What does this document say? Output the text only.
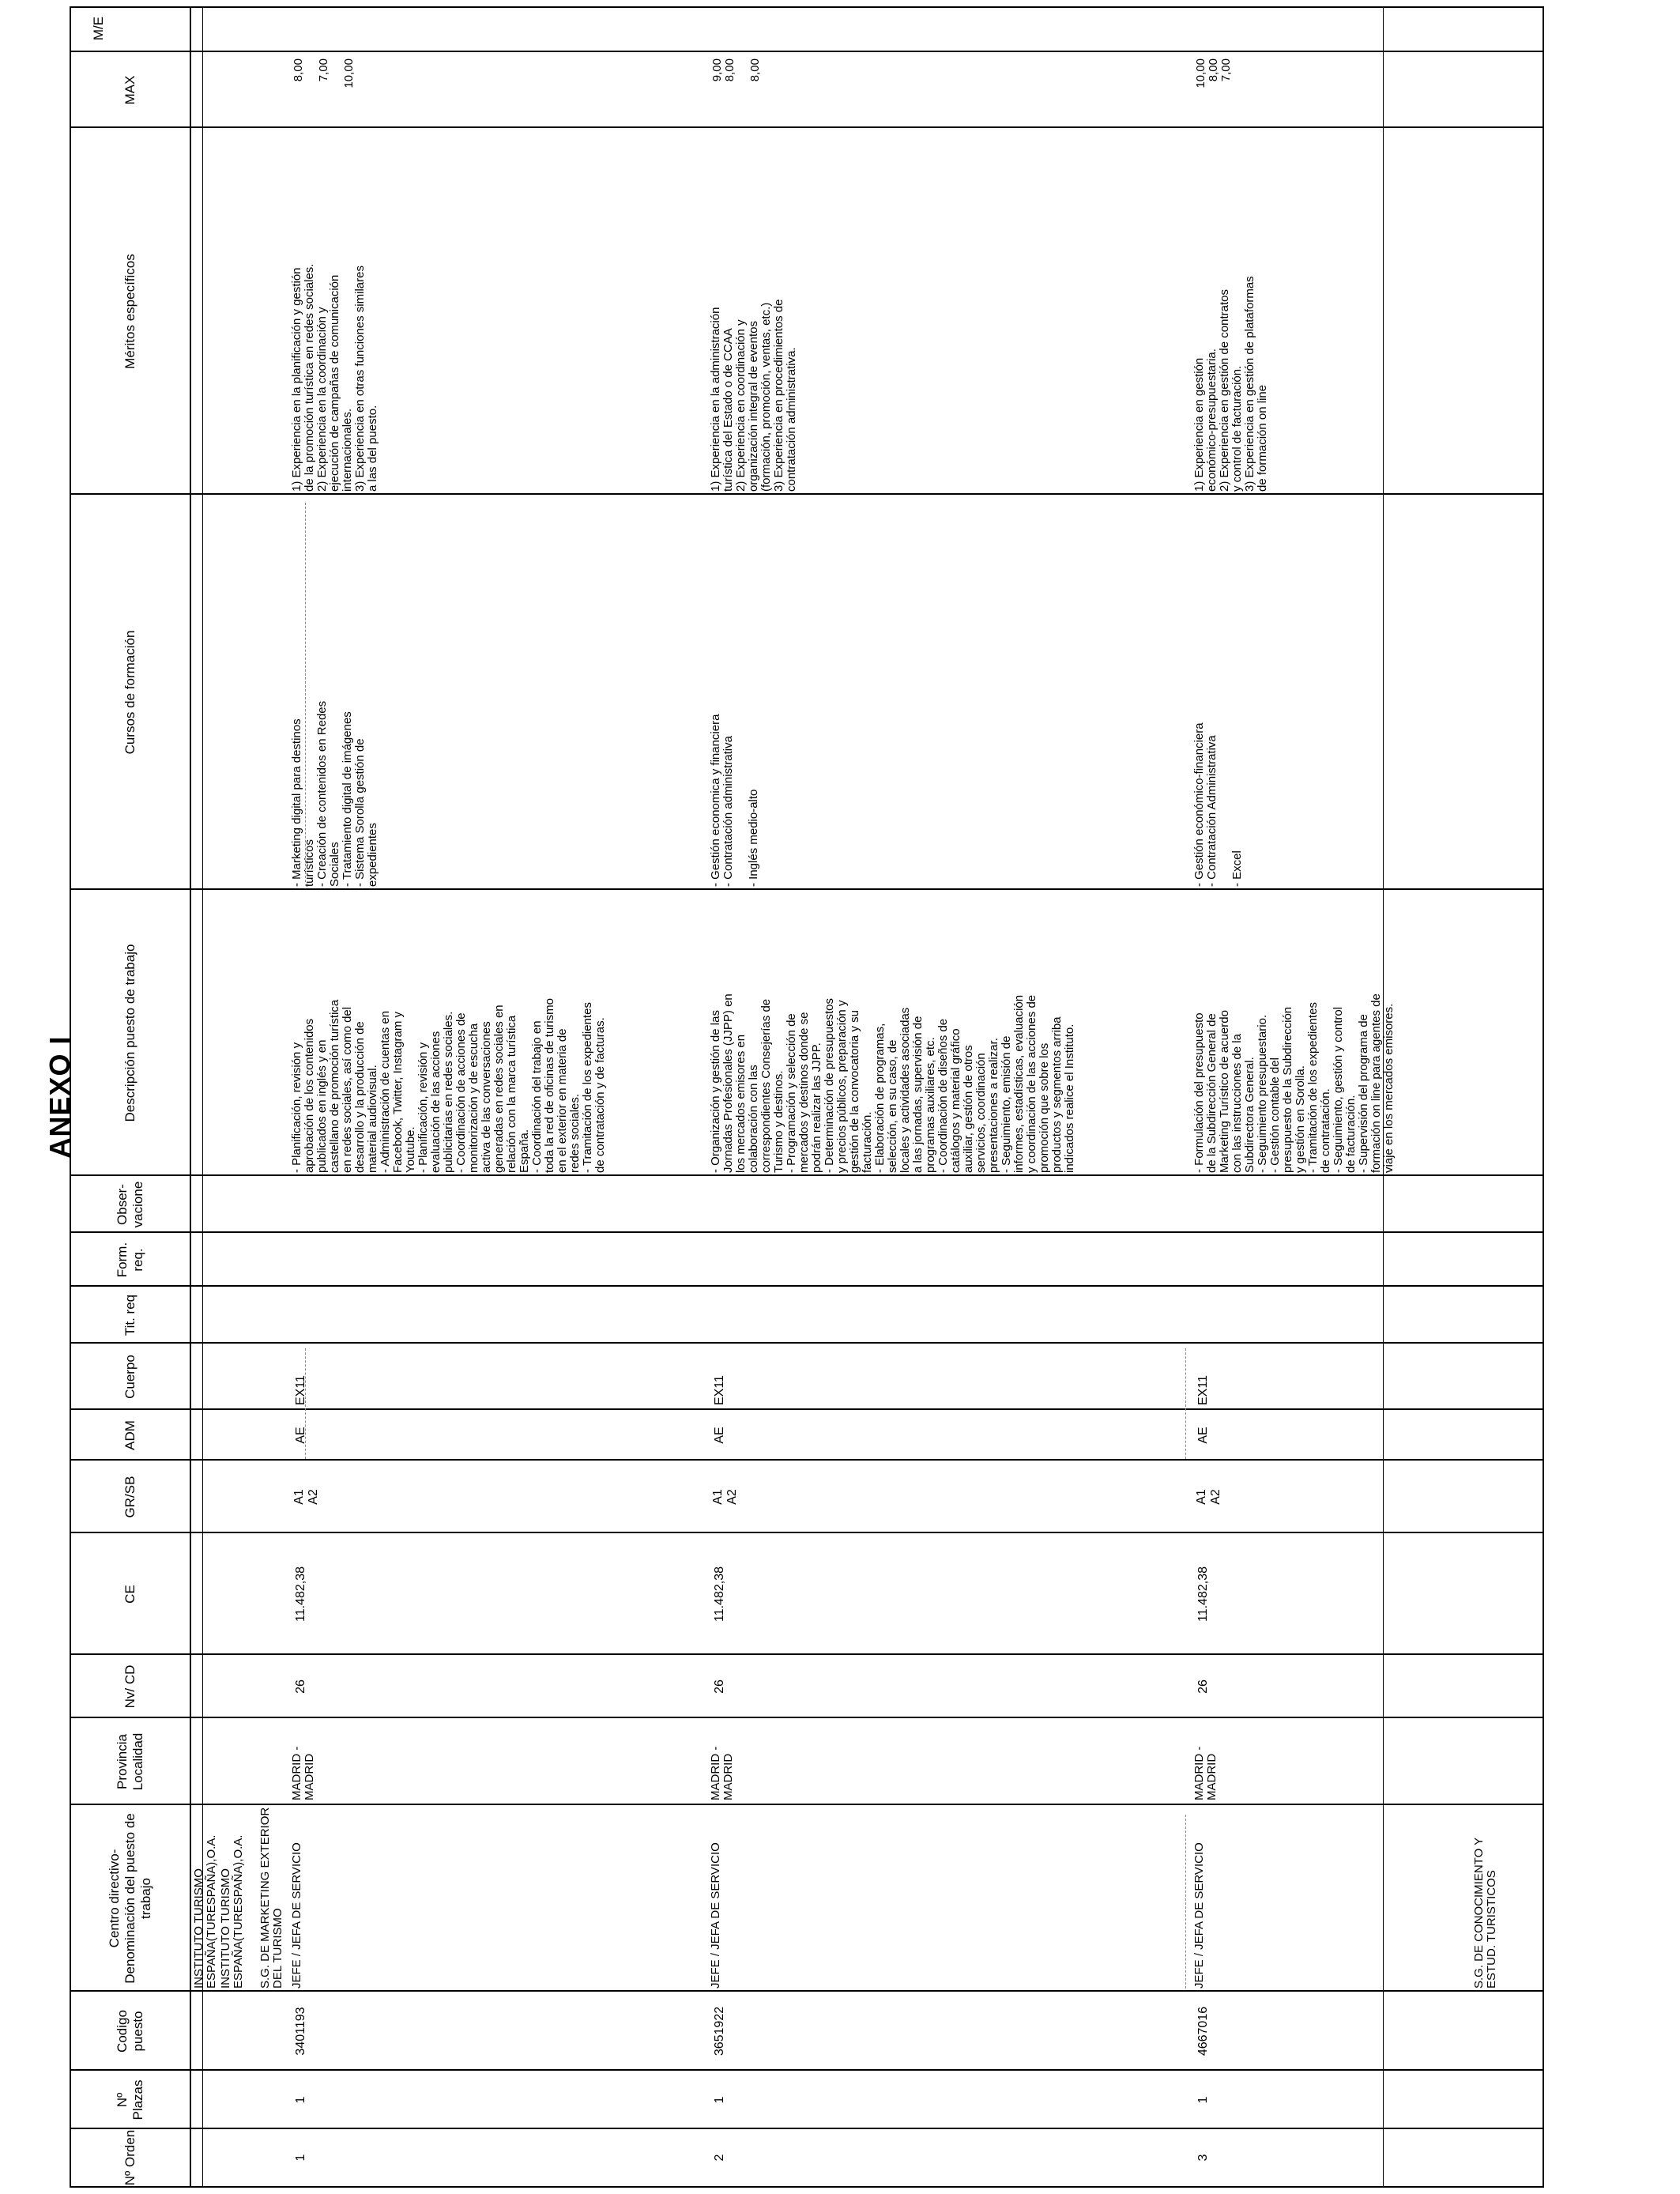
ANEXO I
Nº Orden
Nº Plazas
Codigo puesto
Centro directivo- Denominación del puesto de trabajo
Provincia Localidad
Nv/ CD
CE
GR/SB
ADM
Cuerpo
Tit. req
Form. req.
Obser- vacione
Descripción puesto de trabajo
Cursos de formación
Méritos específicos
MAX
M/E
INSTITUTO TURISMO ESPAÑA(TURESPAÑA),O.A. INSTITUTO TURISMO ESPAÑA(TURESPAÑA),O.A. S.G. DE MARKETING EXTERIOR DEL TURISMO	S.G. DE CONOCIMIENTO Y ESTUD. TURISTICOS
1
1
3401193
JEFE / JEFA DE SERVICIO
MADRID -
MADRID
26
11.482,38
A1
A2
AE
EX11
- Planificación, revisión y
aprobación de los contenidos
publicados en inglés y en
castellano de promoción turística
en redes sociales, así como del
desarrollo y la producción de
material audiovisual.
- Administración de cuentas en
Facebook, Twitter, Instagram y
Youtube.
- Planificación, revisión y
evaluación de las acciones
publicitarias en redes sociales.
- Coordinación de acciones de
monitorización y de escucha
activa de las conversaciones
generadas en redes sociales en
relación con la marca turística
España.
- Coordinación del trabajo en
toda la red de oficinas de turismo
en el exterior en materia de
redes sociales.
- Tramitación de los expedientes
de contratación y de facturas.
- Marketing digital para destinos
turísticos
- Creación de contenidos en Redes
Sociales
- Tratamiento digital de imágenes
- Sistema Sorolla gestión de
expedientes
1) Experiencia en la planificación y gestión
de la promoción turística en redes sociales.
2) Experiencia en la coordinación y
ejecución de campañas de comunicación
internacionales.
3) Experiencia en otras funciones similares
a las del puesto.
8,00

7,00

10,00
2
1
3651922
JEFE / JEFA DE SERVICIO
MADRID -
MADRID
26
11.482,38
A1
A2
AE
EX11
- Organización y gestión de las
Jornadas Profesionales (JJPP) en
los mercados emisores en
colaboración con las
correspondientes Consejerías de
Turismo y destinos.
- Programación y selección de
mercados y destinos donde se
podrán realizar las JJPP.
- Determinación de presupuestos
y precios públicos, preparación y
gestión de la convocatoria y su
facturación.
- Elaboración de programas,
selección, en su caso, de
locales y actividades asociadas
a las jornadas, supervisión de
programas auxiliares, etc.
- Coordinación de diseños de
catálogos y material gráfico
auxiliar, gestión de otros
servicios, coordinación
presentaciones a realizar.
- Seguimiento, emisión de
informes, estadísticas, evaluación
y coordinación de las acciones de
promoción que sobre los
productos y segmentos arriba
indicados realice el Instituto.
- Gestión economica y financiera
- Contratación administrativa

- Inglés medio-alto
1) Experiencia en la administración
turística del Estado o de CCAA
2) Experiencia en coordinación y
organización integral de eventos
(formación, promoción, ventas, etc.)
3) Experiencia en procedimientos de
contratación administrativa.
9,00
8,00

8,00
3
1
4667016
JEFE / JEFA DE SERVICIO
MADRID -
MADRID
26
11.482,38
A1
A2
AE
EX11
- Formulación del presupuesto
de la Subdirección General de
Marketing Turístico de acuerdo
con las instrucciones de la
Subdirectora General.
- Seguimiento presupuestario.
- Gestión contable del
presupuesto de la Subdirección
y gestión en Sorolla.
- Tramitación de los expedientes
de contratación.
- Seguimiento, gestión y control
de facturación.
- Supervisión del programa de
formación on line para agentes de
viaje en los mercados emisores.
- Gestión económico-financiera
- Contratación Administrativa

- Excel
1) Experiencia en gestión
económico-presupuestaria.
2) Experiencia en gestión de contratos
y control de facturación.
3) Experiencia en gestión de plataformas
de formación on line
10,00
8,00
7,00
